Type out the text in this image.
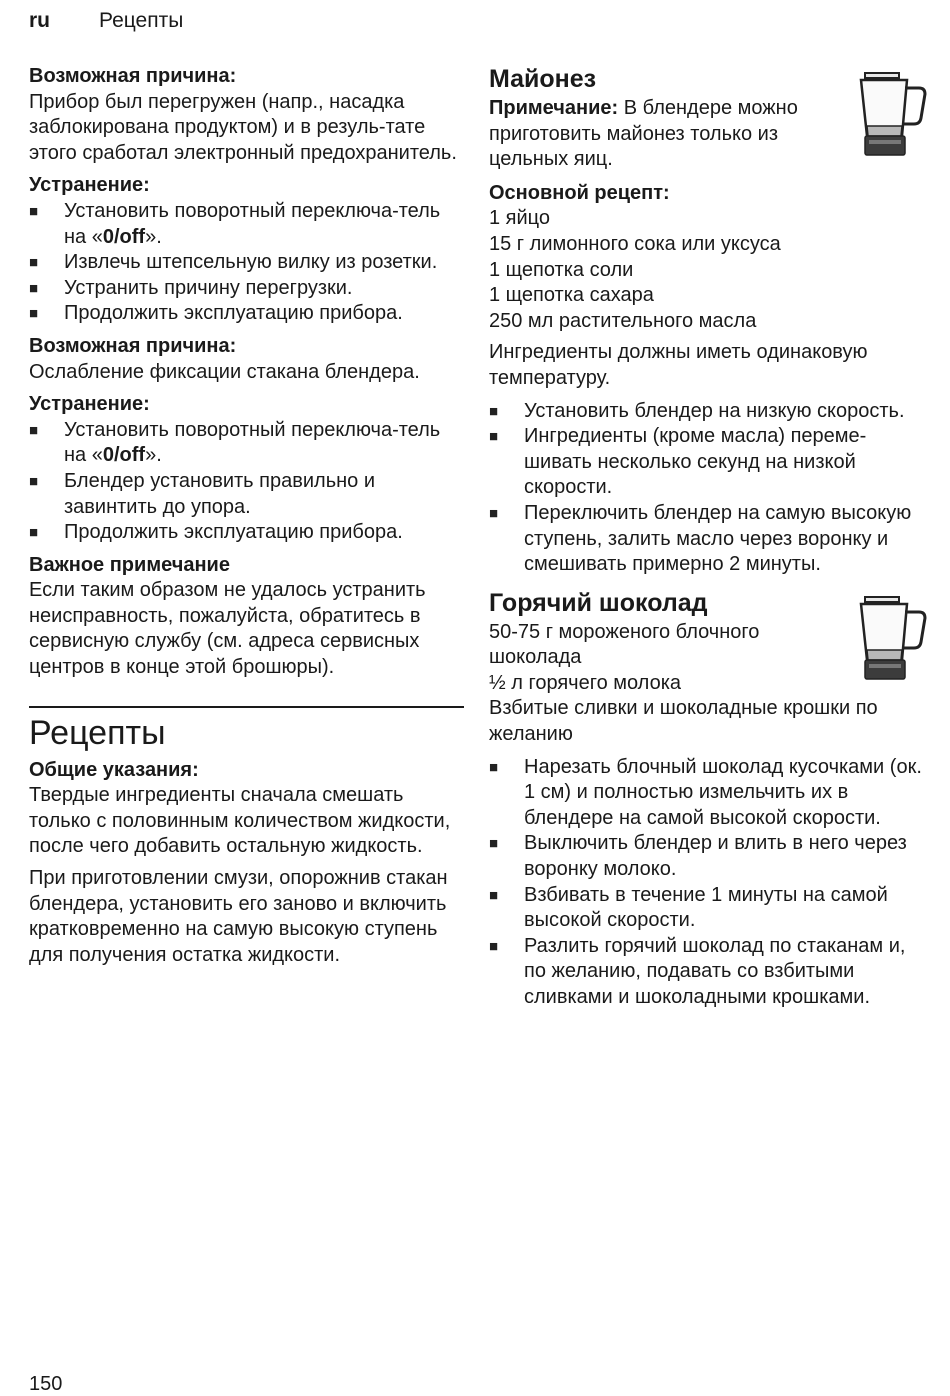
ru Рецепты

Возможная причина:

Прибор был перегружен (напр., насадка заблокирована продуктом) и в резуль-тате этого сработал электронный предохранитель.

Устранение:

■ Установить поворотный переключа-тель на «0/off».
■ Извлечь штепсельную вилку из розетки.
■ Устранить причину перегрузки.
■ Продолжить эксплуатацию прибора.

Возможная причина:

Ослабление фиксации стакана блендера.

Устранение:

■ Установить поворотный переключа-тель на «0/off».
■ Блендер установить правильно и завинтить до упора.
■ Продолжить эксплуатацию прибора.

Важное примечание

Если таким образом не удалось устранить неисправность, пожалуйста, обратитесь в сервисную службу (см. адреса сервисных центров в конце этой брошюры).

Рецепты

Общие указания:

Твердые ингредиенты сначала смешать только с половинным количеством жидкости, после чего добавить остальную жидкость.

При приготовлении смузи, опорожнив стакан блендера, установить его заново и включить кратковременно на самую высокую ступень для получения остатка жидкости.

Майонез

Примечание: В блендере можно приготовить майонез только из цельных яиц.

Основной рецепт:

1 яйцо

15 г лимонного сока или уксуса

1 щепотка соли

1 щепотка сахара

250 мл растительного масла

Ингредиенты должны иметь одинаковую температуру.

■ Установить блендер на низкую скорость.
■ Ингредиенты (кроме масла) переме-шивать несколько секунд на низкой скорости.
■ Переключить блендер на самую высокую ступень, залить масло через воронку и смешивать примерно 2 минуты.

Горячий шоколад

50-75 г мороженого блочного шоколада

½ л горячего молока

Взбитые сливки и шоколадные крошки по желанию

■ Нарезать блочный шоколад кусочками (ок. 1 см) и полностью измельчить их в блендере на самой высокой скорости.
■ Выключить блендер и влить в него через воронку молоко.
■ Взбивать в течение 1 минуты на самой высокой скорости.
■ Разлить горячий шоколад по стаканам и, по желанию, подавать со взбитыми сливками и шоколадными крошками.
150
